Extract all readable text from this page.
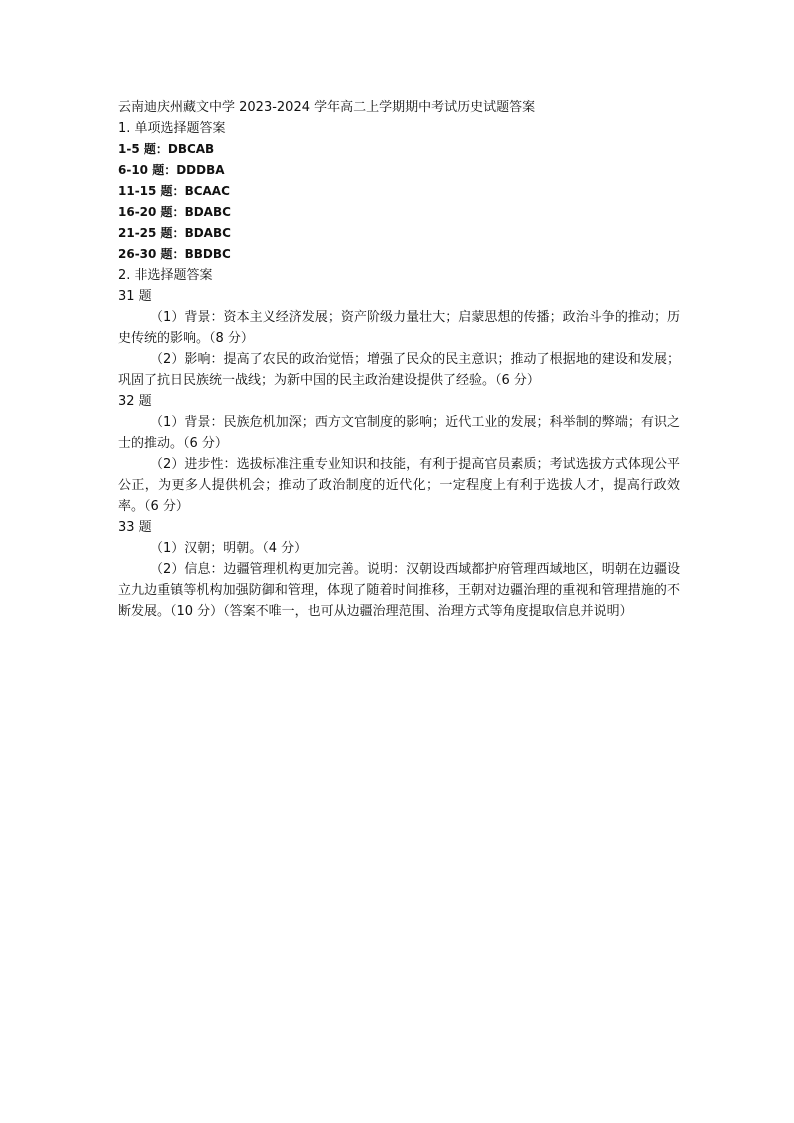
云南迪庆州藏文中学 2023-2024 学年高二上学期期中考试历史试题答案
1. 单项选择题答案
1-5 题：DBCAB
6-10 题：DDDBA
11-15 题：BCAAC
16-20 题：BDABC
21-25 题：BDABC
26-30 题：BBDBC
2. 非选择题答案
31 题
（1）背景：资本主义经济发展；资产阶级力量壮大；启蒙思想的传播；政治斗争的推动；历史传统的影响。（8 分）
（2）影响：提高了农民的政治觉悟；增强了民众的民主意识；推动了根据地的建设和发展；巩固了抗日民族统一战线；为新中国的民主政治建设提供了经验。（6 分）
32 题
（1）背景：民族危机加深；西方文官制度的影响；近代工业的发展；科举制的弊端；有识之士的推动。（6 分）
（2）进步性：选拔标准注重专业知识和技能，有利于提高官员素质；考试选拔方式体现公平公正，为更多人提供机会；推动了政治制度的近代化；一定程度上有利于选拔人才，提高行政效率。（6 分）
33 题
（1）汉朝；明朝。（4 分）
（2）信息：边疆管理机构更加完善。说明：汉朝设西域都护府管理西域地区，明朝在边疆设立九边重镇等机构加强防御和管理，体现了随着时间推移，王朝对边疆治理的重视和管理措施的不断发展。（10 分）（答案不唯一，也可从边疆治理范围、治理方式等角度提取信息并说明）
